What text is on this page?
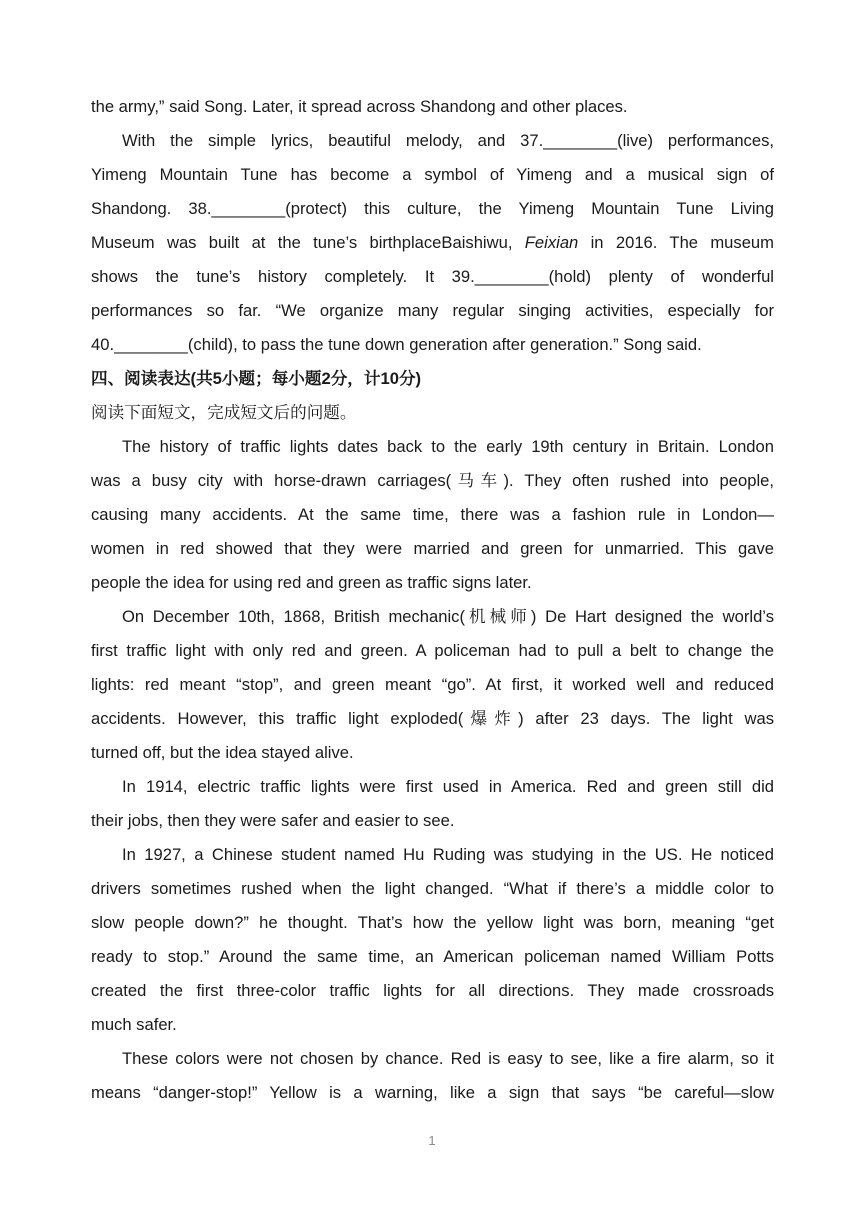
the army,” said Song. Later, it spread across Shandong and other places.
With the simple lyrics, beautiful melody, and 37.________(live) performances,
Yimeng Mountain Tune has become a symbol of Yimeng and a musical sign of
Shandong. 38.________(protect) this culture, the Yimeng Mountain Tune Living
Museum was built at the tune’s birthplaceBaishiwu, Feixian in 2016. The museum
shows the tune’s history completely. It 39.________(hold) plenty of wonderful
performances so far. “We organize many regular singing activities, especially for
40.________(child), to pass the tune down generation after generation.” Song said.
四、阅读表达(共5小题；每小题2分，计10分)
阅读下面短文，完成短文后的问题。
The history of traffic lights dates back to the early 19th century in Britain. London
was a busy city with horse-drawn carriages(马车). They often rushed into people,
causing many accidents. At the same time, there was a fashion rule in London—
women in red showed that they were married and green for unmarried. This gave
people the idea for using red and green as traffic signs later.
On December 10th, 1868, British mechanic(机械师) De Hart designed the world’s
first traffic light with only red and green. A policeman had to pull a belt to change the
lights: red meant “stop”, and green meant “go”. At first, it worked well and reduced
accidents. However, this traffic light exploded(爆炸) after 23 days. The light was
turned off, but the idea stayed alive.
In 1914, electric traffic lights were first used in America. Red and green still did
their jobs, then they were safer and easier to see.
In 1927, a Chinese student named Hu Ruding was studying in the US. He noticed
drivers sometimes rushed when the light changed. “What if there’s a middle color to
slow people down?” he thought. That’s how the yellow light was born, meaning “get
ready to stop.” Around the same time, an American policeman named William Potts
created the first three-color traffic lights for all directions. They made crossroads
much safer.
These colors were not chosen by chance. Red is easy to see, like a fire alarm, so it
means “danger-stop!” Yellow is a warning, like a sign that says “be careful—slow
1
